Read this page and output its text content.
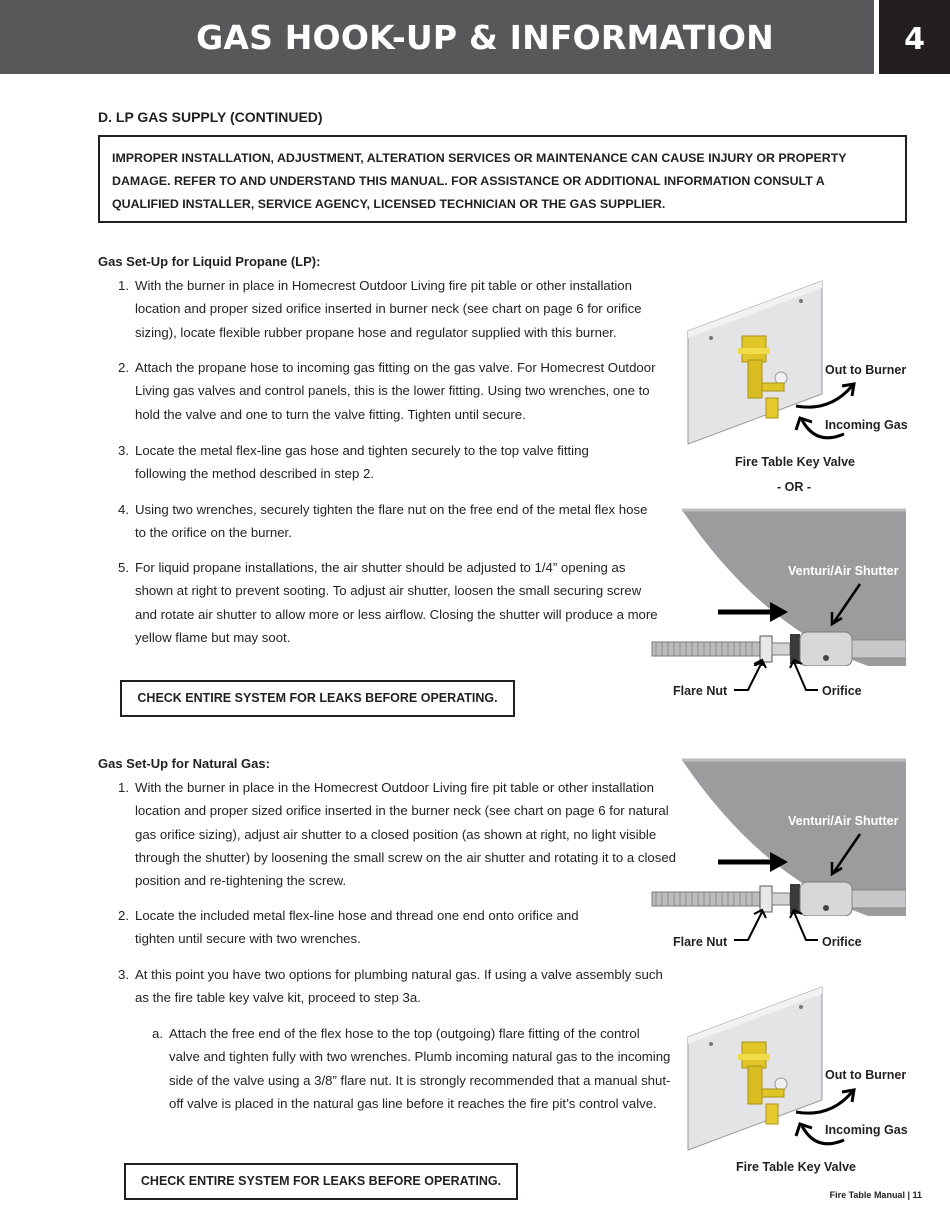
GAS HOOK-UP & INFORMATION	4
D. LP GAS SUPPLY (CONTINUED)
IMPROPER INSTALLATION, ADJUSTMENT, ALTERATION SERVICES OR MAINTENANCE CAN CAUSE INJURY OR PROPERTY DAMAGE. REFER TO AND UNDERSTAND THIS MANUAL. FOR ASSISTANCE OR ADDITIONAL INFORMATION CONSULT A QUALIFIED INSTALLER, SERVICE AGENCY, LICENSED TECHNICIAN OR THE GAS SUPPLIER.
Gas Set-Up for Liquid Propane (LP):
1. With the burner in place in Homecrest Outdoor Living fire pit table or other installation location and proper sized orifice inserted in burner neck (see chart on page 6 for orifice sizing), locate flexible rubber propane hose and regulator supplied with this burner.
2. Attach the propane hose to incoming gas fitting on the gas valve. For Homecrest Outdoor Living gas valves and control panels, this is the lower fitting. Using two wrenches, one to hold the valve and one to turn the valve fitting. Tighten until secure.
3. Locate the metal flex-line gas hose and tighten securely to the top valve fitting following the method described in step 2.
4. Using two wrenches, securely tighten the flare nut on the free end of the metal flex hose to the orifice on the burner.
5. For liquid propane installations, the air shutter should be adjusted to 1/4” opening as shown at right to prevent sooting. To adjust air shutter, loosen the small securing screw and rotate air shutter to allow more or less airflow. Closing the shutter will produce a more yellow flame but may soot.
CHECK ENTIRE SYSTEM FOR LEAKS BEFORE OPERATING.
Gas Set-Up for Natural Gas:
1. With the burner in place in the Homecrest Outdoor Living fire pit table or other installation location and proper sized orifice inserted in the burner neck (see chart on page 6 for natural gas orifice sizing), adjust air shutter to a closed position (as shown at right, no light visible through the shutter) by loosening the small screw on the air shutter and rotating it to a closed position and re-tightening the screw.
2. Locate the included metal flex-line hose and thread one end onto orifice and tighten until secure with two wrenches.
3. At this point you have two options for plumbing natural gas. If using a valve assembly such as the fire table key valve kit, proceed to step 3a.
a. Attach the free end of the flex hose to the top (outgoing) flare fitting of the control valve and tighten fully with two wrenches. Plumb incoming natural gas to the incoming side of the valve using a 3/8” flare nut. It is strongly recommended that a manual shut-off valve is placed in the natural gas line before it reaches the fire pit’s control valve.
CHECK ENTIRE SYSTEM FOR LEAKS BEFORE OPERATING.
Out to Burner
Incoming Gas
Fire Table Key Valve
- OR -
Venturi/Air Shutter
Flare Nut	Orifice
Venturi/Air Shutter
Flare Nut	Orifice
Out to Burner
Incoming Gas
Fire Table Key Valve
Fire Table Manual | 11
